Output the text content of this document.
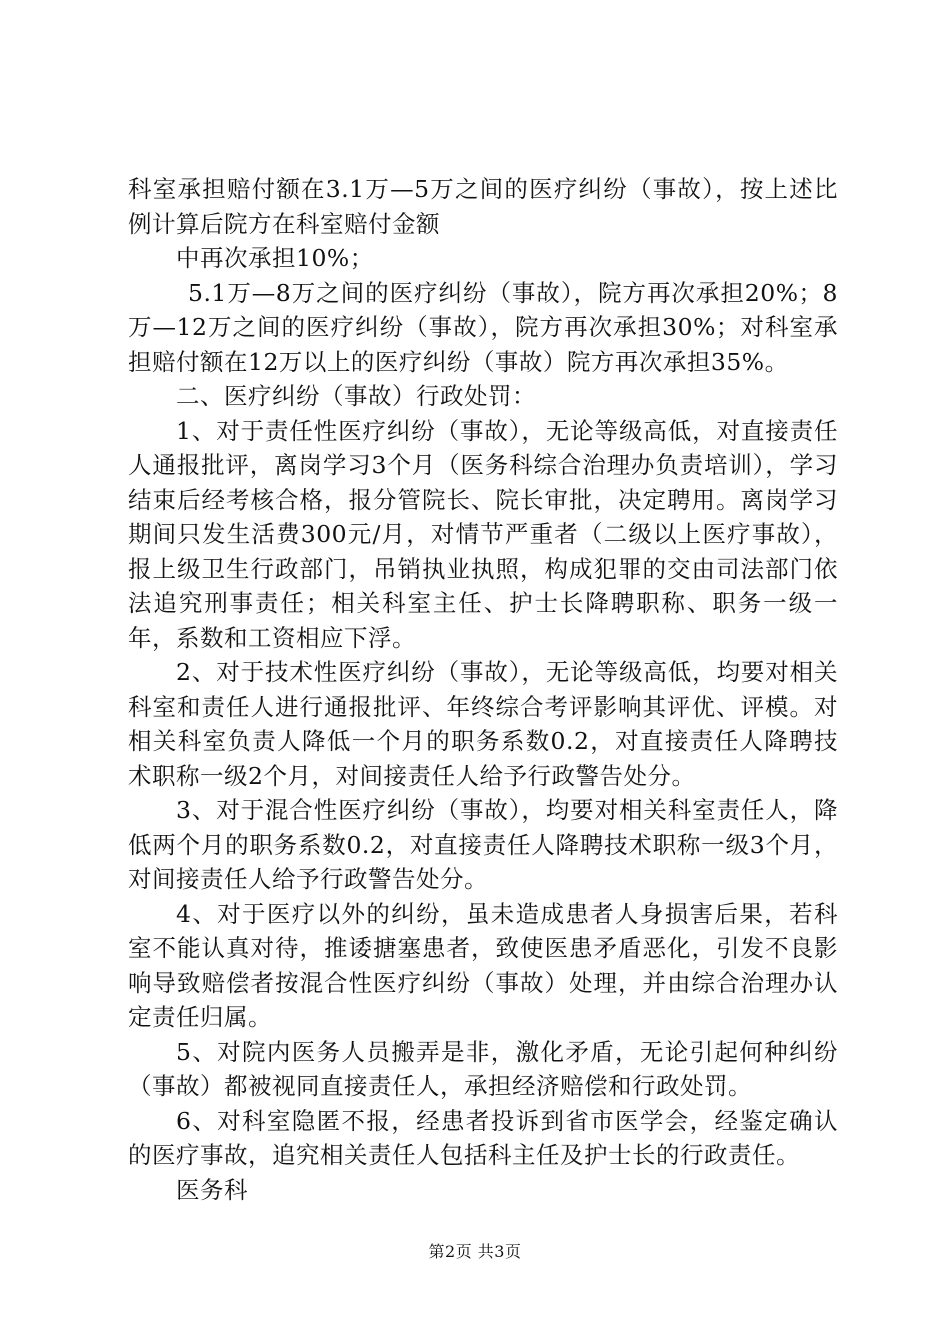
科室承担赔付额在3.1万—5万之间的医疗纠纷（事故），按上述比例计算后院方在科室赔付金额

中再次承担10%；

5.1万—8万之间的医疗纠纷（事故），院方再次承担20%；8万—12万之间的医疗纠纷（事故），院方再次承担30%；对科室承担赔付额在12万以上的医疗纠纷（事故）院方再次承担35%。

二、医疗纠纷（事故）行政处罚：

1、对于责任性医疗纠纷（事故），无论等级高低，对直接责任人通报批评，离岗学习3个月（医务科综合治理办负责培训），学习结束后经考核合格，报分管院长、院长审批，决定聘用。离岗学习期间只发生活费300元/月，对情节严重者（二级以上医疗事故），报上级卫生行政部门，吊销执业执照，构成犯罪的交由司法部门依法追究刑事责任；相关科室主任、护士长降聘职称、职务一级一年，系数和工资相应下浮。

2、对于技术性医疗纠纷（事故），无论等级高低，均要对相关科室和责任人进行通报批评、年终综合考评影响其评优、评模。对相关科室负责人降低一个月的职务系数0.2，对直接责任人降聘技术职称一级2个月，对间接责任人给予行政警告处分。

3、对于混合性医疗纠纷（事故），均要对相关科室责任人，降低两个月的职务系数0.2，对直接责任人降聘技术职称一级3个月，对间接责任人给予行政警告处分。

4、对于医疗以外的纠纷，虽未造成患者人身损害后果，若科室不能认真对待，推诿搪塞患者，致使医患矛盾恶化，引发不良影响导致赔偿者按混合性医疗纠纷（事故）处理，并由综合治理办认定责任归属。

5、对院内医务人员搬弄是非，激化矛盾，无论引起何种纠纷（事故）都被视同直接责任人，承担经济赔偿和行政处罚。

6、对科室隐匿不报，经患者投诉到省市医学会，经鉴定确认的医疗事故，追究相关责任人包括科主任及护士长的行政责任。

医务科

第2页 共3页
